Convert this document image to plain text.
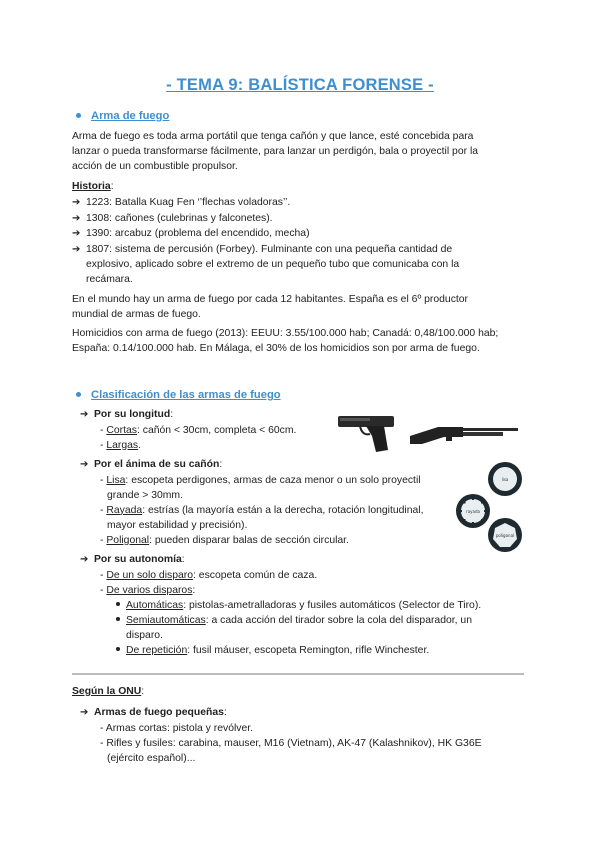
- TEMA 9: BALÍSTICA FORENSE -
Arma de fuego

Arma de fuego es toda arma portátil que tenga cañón y que lance, esté concebida para

lanzar o pueda transformarse fácilmente, para lanzar un perdigón, bala o proyectil por la

acción de un combustible propulsor.

Historia:

➔ 1223: Batalla Kuag Fen ‘’flechas voladoras’’.

➔ 1308: cañones (culebrinas y falconetes).

➔ 1390: arcabuz (problema del encendido, mecha)

➔ 1807: sistema de percusión (Forbey). Fulminante con una pequeña cantidad de

explosivo, aplicado sobre el extremo de un pequeño tubo que comunicaba con la

recámara.

En el mundo hay un arma de fuego por cada 12 habitantes. España es el 6º productor

mundial de armas de fuego.

Homicidios con arma de fuego (2013): EEUU: 3.55/100.000 hab; Canadá: 0,48/100.000 hab;

España: 0.14/100.000 hab. En Málaga, el 30% de los homicidios son por arma de fuego.

Clasificación de las armas de fuego

➔ Por su longitud:

- Cortas: cañón < 30cm, completa < 60cm.

- Largas.

➔ Por el ánima de su cañón:

- Lisa: escopeta perdigones, armas de caza menor o un solo proyectil

grande > 30mm.

- Rayada: estrías (la mayoría están a la derecha, rotación longitudinal,

mayor estabilidad y precisión).

- Poligonal: pueden disparar balas de sección circular.

lisa
rayada
poligonal

➔ Por su autonomía:

- De un solo disparo: escopeta común de caza.

- De varios disparos:

Automáticas: pistolas-ametralladoras y fusiles automáticos (Selector de Tiro).

Semiautomáticas: a cada acción del tirador sobre la cola del disparador, un

disparo.

De repetición: fusil máuser, escopeta Remington, rifle Winchester.

Según la ONU:

➔ Armas de fuego pequeñas:

- Armas cortas: pistola y revólver.

- Rifles y fusiles: carabina, mauser, M16 (Vietnam), AK-47 (Kalashnikov), HK G36E

(ejército español)...
